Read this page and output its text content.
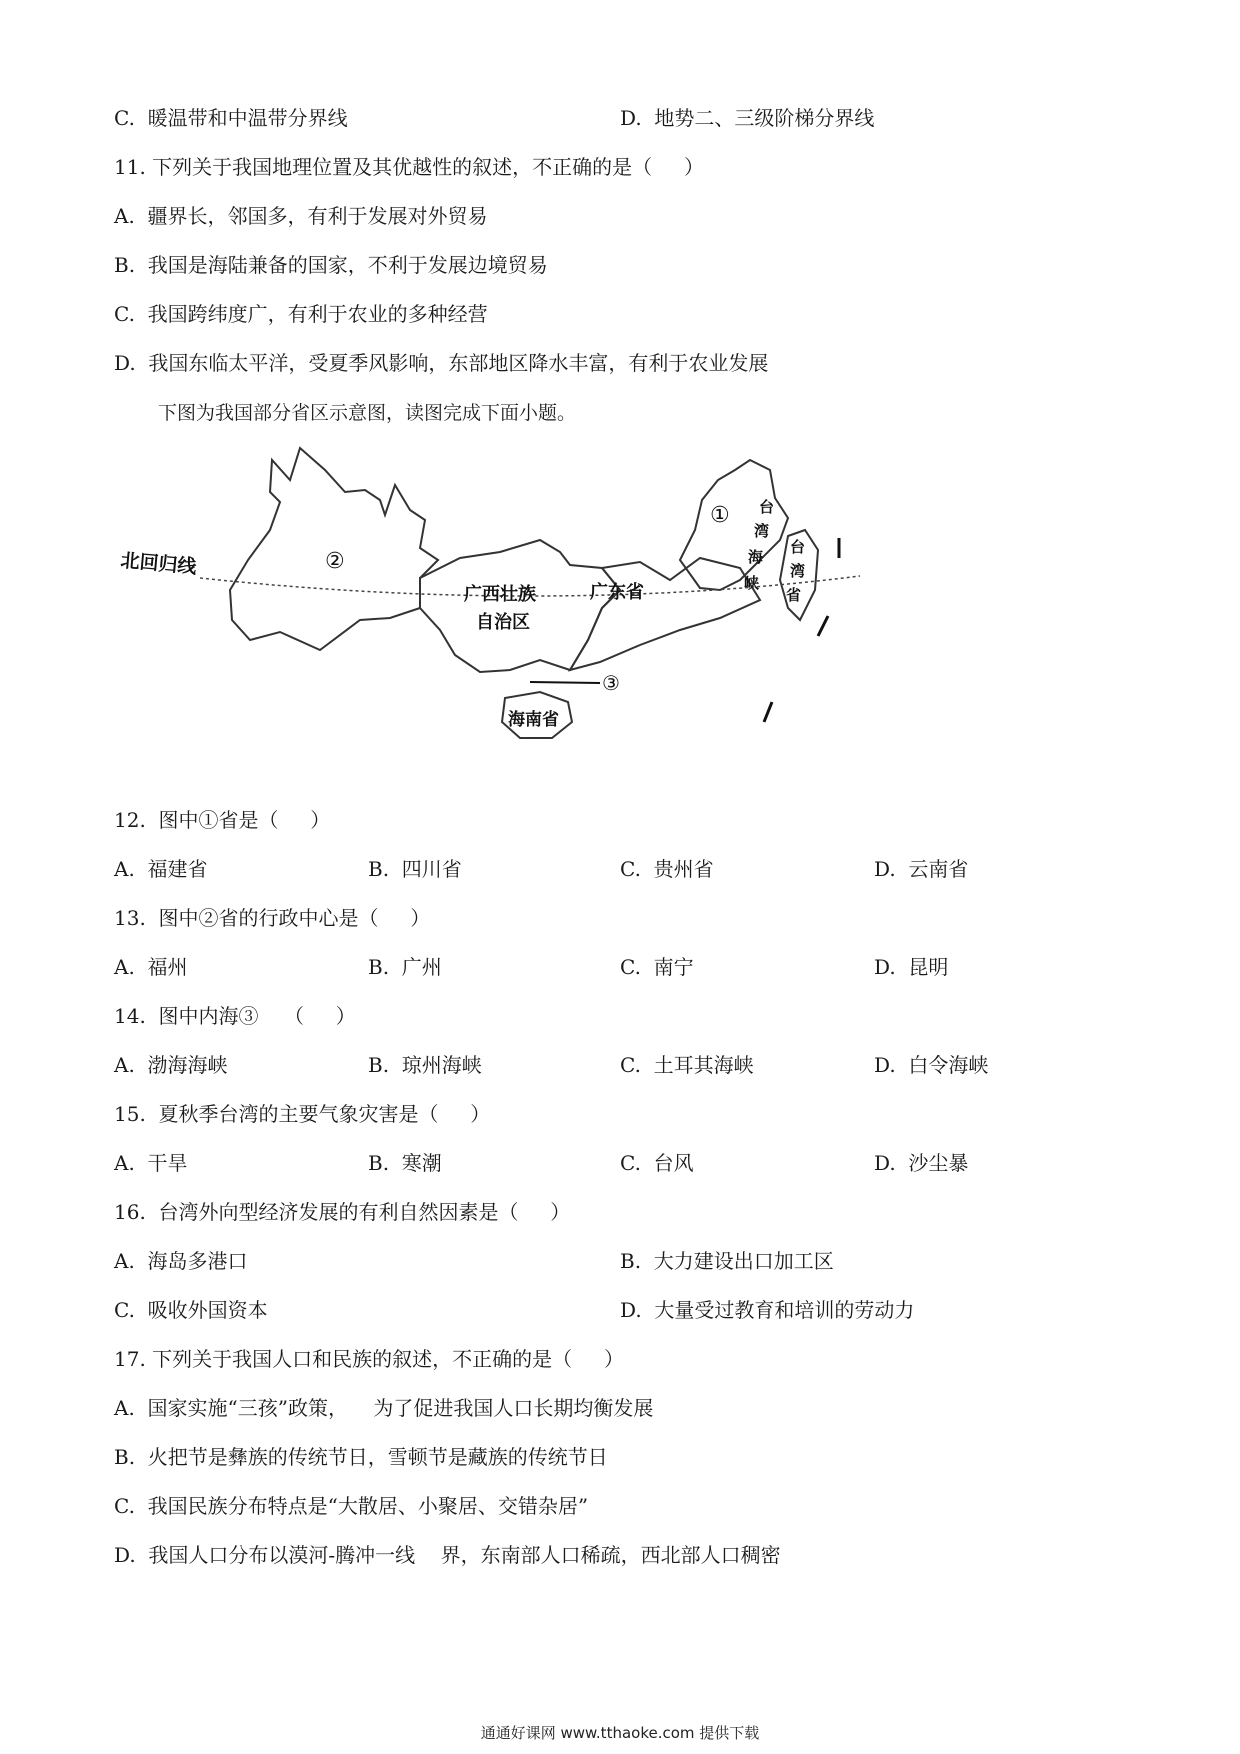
C.  暖温带和中温带分界线	D.  地势二、三级阶梯分界线
11. 下列关于我国地理位置及其优越性的叙述，不正确的是（     ）
A.  疆界长，邻国多，有利于发展对外贸易
B.  我国是海陆兼备的国家，不利于发展边境贸易
C.  我国跨纬度广，有利于农业的多种经营
D.  我国东临太平洋，受夏季风影响，东部地区降水丰富，有利于农业发展
下图为我国部分省区示意图，读图完成下面小题。
北回归线	②
①
③
广西壮族
自治区
广东省
海南省
台
湾
海
峡
台
湾
省
12.  图中①省是（     ）
A.  福建省	B.  四川省	C.  贵州省	D.  云南省
13.  图中②省的行政中心是（     ）
A.  福州	B.  广州	C.  南宁	D.  昆明
14.  图中内海③    （     ）
A.  渤海海峡	B.  琼州海峡	C.  土耳其海峡	D.  白令海峡
15.  夏秋季台湾的主要气象灾害是（     ）
A.  干旱	B.  寒潮	C.  台风	D.  沙尘暴
16.  台湾外向型经济发展的有利自然因素是（     ）
A.  海岛多港口	B.  大力建设出口加工区
C.  吸收外国资本	D.  大量受过教育和培训的劳动力
17. 下列关于我国人口和民族的叙述，不正确的是（     ）
A.  国家实施“三孩”政策，    为了促进我国人口长期均衡发展
B.  火把节是彝族的传统节日，雪顿节是藏族的传统节日
C.  我国民族分布特点是“大散居、小聚居、交错杂居”
D.  我国人口分布以漠河-腾冲一线    界，东南部人口稀疏，西北部人口稠密
通通好课网 www.tthaoke.com 提供下载
